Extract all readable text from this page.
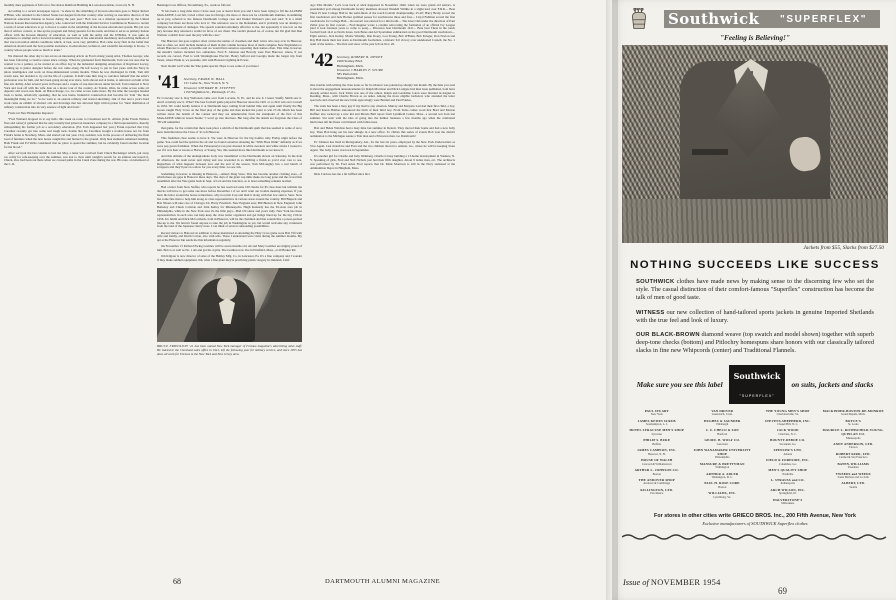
monthly dues payments of $10 on to five shares Rumford Building & Loan Association, Concord, N. H.

According to a recent newspaper report, "A share in the rebuilding of Korean education goes to Major Robert O'Brien, who returned to the United States last August from that country after serving as executive director of the American education mission in Korea during the past year." Bob was on a mission sponsored by the United Nations Korean Reconstruction Agency, who contracted with the Unitarian Service Committee in Boston to recruit a team of seven educators to go to Korea to assist in the rebuilding of the Korean educational system. His job was that of advisor contact, to line up the program and living quarters for the team, and then to serve as primary liaison officer with the Korean ministry of education, as well as with the Army and the UNKRA. It was quite an experience to attempt such a forward-looking reconstruction of the educational machinery and teaching methods of that war-torn nation amidst conditions which, at best, were very primitive. Bob came away firm in the belief that American should send the best possible assistance, in educational, technical, and scientific knowledge to Korea, "a country whose people want so much to learn."

We chanced the other day to run across an interesting article on Foru's rising young artist, Thomas George, who has been following a creative career since college. When he graduated from Dartmouth, Tom was not sure that he wanted to be a painter, so he started as an office boy in the industrial designing enterprises of Raymond Loewy, working up to junior designer before the war came along. He left Loewy to put in four years with the Navy in photo intelligence and work on three-dimensional terrain models. When he was discharged in 1946, Tom still wasn't sure, but decided to try out the life of a painter. It didn't take him long to convince himself that the artist's profession was for him, and he's been going strong ever since, both abroad and at home, to universal acclaim of his fine arts ability. After several years in Europe and a couple of one-man shows under his belt, Tom returned to New York and took off with his wife Jean on a motor tour of the country. At Toledo, Ohio, he came across some oil deposits and wood-cuts them. At Baton Rouge, La., he came across some more. By the time the Georges headed back to home, artistically speaking, that he was home. Industrial construction had become for Tom "the most meaningful thing we do." So he went to an eastern refinery and started sketching. Out of that and a year's hard work came an exhibit of abstract oils and drawings that has attracted high critical praise for "their distillation of refinery construction into its very essence of light and form."

From our New Hampshire Reporter:

"Fred Wieland dropped in to say hello this week en route to Claremont and St. Albans (John Fonda Wallace fires and center) I gathered that he only recently had joined an insurance company in a field representative, thereby relinquishing his former job as a secondary education. (Ed. Tom happened last year.) Frank reported that Clay Caraduer recently got into some real tough luck. Seems that the Carolinas bought a trouble house not far from Frank's home at Newbury, Mass. and started out last year. Clay, resident, was in the process of delivering the final load of furniture when the new house caught fire and burned to the ground. Only heat elements remained standing. Both Frank and Ed Wells considered that no place to spend the summer, but he evidently found another location for his brood."

After we'd put the last column to bed last May, a letter was received from Chuck Bernsinger which, put away too softly for safe-keeping over the summer, was lost to view until tonight's search for an address uncovered it. Chuck, alas, had been out there when we crossed paths in the Canal Zone during the war. His note, on letterhead of the C. R.

Bensinger Law Offices, Stroudsburg, Pa., reads as follows:

"It has been a long time since I have seen you or heard from you and I have been trying to fill the ALUMNI MAGAZINE. Last fall, I tried a libel case in Chicago, the more or more not be a Dartmouth alumnus, in summing up in jury, referred to the famous Dartmouth College case and Daniel Webster's plea and said: 'It is a small company but there are those who love it.' The reference was to the Defendant, and it probably was an attempt to mitigate the amount of damages. The speech sounded extremely effective to me, but apparently it was lost on the jury because they returned a verdict in favor of our client. The verdict pleased us, of course, but I'm glad that Dan Webster couldn't have seen the jury with the case."

The Hanover fan goes register often carries the names of classmen and their wives who stop over in Hanover. Just as often, we don't include mention of them in this column because most of them comprise New Englanders to whom Hanover is easily accessible and we would find ourselves repeating their names often. This time, however, the month's visitors included two outlanders. Fred E. Johnson and Beverly were East Hanover, where, if our records are correct, Fred is with Westinghouse Electric. Henry Safford and Georgia made the longer trip from Texas, where Hank is, we presume, still with Houston Lighting & Power.

Next month we'll write the Yale game special. Hope to see some of you there!

'41 Secretary, FRANK W. HALL
151 Cedar St., New York 6, N. Y.
Treasurer, STEWART H. STUFFEY
1150 Wightman St., Pittsburgh 17, Pa.

Ex Crowsley saw it. Ray Welbourn came over from Laconia, N. H., and he saw it. I knew Snuffy Smith saw it. And I certainly saw it. What? The best football game played in Hanover since the 1921 or so 29-0 win over Cornell in 1934. We could hardly believe it at Dartmouth kept coming from behind time and again until finally the Big Green caught Holy Cross on the final play of the game and then kicked the point to win 27-26. Much has been written about the details of the contest and they are unbelievable from the standpoint of the first of this MAGAZINE while in Green Teams." I won't go into that here. But long after the details are forgotten the Class of '38 will remember

that game, for the certain that there took place a rebirth of the Dartmouth spirit that has seemed to some of us to have dwindled since the Class of '41 left Hanover.

This freshman class seems to have it. We were in Hanover for the big bonfire rally Friday night before the game. You could feel the spirit in the air and we found ourselves shouting the "With Hose Wahn" defiantly as if we were pep green freshmen. When the Palaeopteryx ran past dressed in white sweaters and white slacks I looked to see if it was Ken or Green or Harvey or Young. Yes, this seemed more like Dartmouth as we know it.

And this attitude of the undergraduate body was transmitted to the Dartmouth eleven on Saturday. In the hole all afternoon, the team never quit trying and was rewarded in so thrilling a finish as you'd ever care to see. Regardless of what happens between now and the end of the season, Tom McLaughry has a real bunch of scrappers and they'll put on a show for you every time. Go see 'em.

Something, however, is missing in Hanover,—Allen's Drug Store. This has become another clothing store—if which there are gaps in Hanover these days. The days of the giant cup milk shake are long gone and the crowd that assembled after the Yale game back in Sept. of Leb and the Junction, so at least something remains normal.

Had a letter from Stew Steffes, who reports he has resolved some 100 checks for $5 class dues but reminds me that he will have to get some one more before December 1 if we don't want our trouble meeting expenses. If you have his letter around the house somewhere, why not pick it up and mail it along with that low sum to Stew. Stew has some fine men to help him along as class representatives in various areas around the country. Bill Bispeck and Bob Niners will take care of Chicago; Dr. Harry Friedrich. New England area; Bill Buxton in New England; John Berkeley and Chuck Carlston and John Kelley for Minneapolis. Hugh Kennedy has the Tri-state area job in Philadelphia, while in the New York area it's the little guys—Bud O'Connor and yours truly. New York has these representatives in each area can help keep the class better organized and get things lined up for the big 15th in 1956. Ive Smith and Dick McCormack, both in Hanover, will be the chairmen and that sounds like a power-packed line-up to me. We haven't found anyone to take the job in Washington as yet, but would welcome any volunteers from the land of the Japanese cherry trees. I can think of several outstanding possibilities.

Recent visitors to Hanover in addition to those mentioned as attending the Holy Cross game were Bob Tift with wife and family, and Dutch Cotton, also with wife. These I understand were visits during the summer months. My apt at the Hanover Inn sends me this information regularly.

On November 15 Richard Ewing Gombes will be seven months old. Ab and Mary Gombes are mighty proud of him. Bob is as well as No. 1 Ab and got his 4 girls. The Gombes now live in Pittsfield, Mass., at 20 Barker Rd.

Jim Kilgour is now director of sales of the Hubley Mfg. Co. in Lancaster, Pa. It's a fine company and I wonder if they make subhuli equipment, tbh, what a fine plant they're practicing plastic surgery in Oakland, Calif.

BRUCE FRIEDLICH '41 has been named New York manager of Fortune magazine's advertising sales staff. He started in the Cleveland sales office in 1941, left the following year for military service, and since 1955 has done all work for Fortune in the New York and New Jersey area.

Ago This Month." Let's look back at what happened in November 1940, when we were grand old seniors. A presidential poll among Dartmouth faculty members showed Wendell Willkie in a slight lead over F.D.R.... Beta Theta Pi beat College Hall in the semi-finals of the touch football championship, 25-20; Harry Brady scored the first touchdown and Jack Horner grabbed passes for touchdowns three and four.... Lloyd Fultman scored the first touchdowns for College Hall.... Roosevelt was elected for a third term.... The Glee Club under the direction of Paul Zeller gave its first concert.... Fred Regnier wrote a column advocating the formation of an official Ivy League (and it took fourteen years to come to pass).... Princeton beat Dartmouth 19-0.... Beta beat Theta in the touch football bash 14-6 as Norm Jones, Jack Bates and Art Sportsmen exhilarated on the good Dartmouth touchdown.... Eight seniors, Jack Keiley, Monte Winship, Dan Doery, Lou Young, Bob O'Brien, Bob Krieger, Don Norton and Ray Hall made their last starts as Dartmouth footballers, a historic 9-0 victory over undefeated Cornell, the No. 1 team of the nation.... The first real snow of the year fell on Nov. 26.

'42 Secretary, ROBERT B. DEWEY
1969 Stanley Blvd.
Birmingham, Mich.
Treasurer, CHARLES F. STURE
585 Puritan Rd.
Birmingham, Mich.

One trouble with writing the class notes so far in advance was pointed up sharply last month. By the time you read it about the engagement announcements for Ralph Morrison and Dick Ludgate had then been published, both have already settled down. Jack Tobin was one of the others. Ralph and Geraldine Caren were married in August in Reading, Mass., with Charlie Brown as an usher. Among the more eligible bachelors who attended the latter spectacle and observed the new bride approvingly were Bartlett and Paul Fairies.

The stork has been a busy guy if my mail is any criterion. Murray and Marjorie Latt had their first child, a boy. Bill and Karen Holmes announced the birth of their third boy. From Tulsa comes word that Brad and Marion Ruffner also racked up a new kid and Mersia Bull report from Lynnfield Center, Mass., a second son born last summer. Sid went with the idea of going into the lumber business a few months ago when the celebrated hurricanes left his finest card littered with fallen trees.

Bob and Helen Waldron had a busy time last summer in Detroit. They moved their home and had a new baby boy. Then Bob hung out his new shingle in a new office. To climax this series of events Bob won the district nomination to the Michigan senate a Yale man and a Princeton man. Go Dartmouth!

Ev Johnson has lived in Montgomery, Ala., for the last six years, employed by the New York Underwriters as Vice Agent. Last month he and Fran and the two children moved to Atlanta, Ga., where he will be keeping Stout Agent. The baby Laura was born in September.

It's another girl for Charlie and Judy Weinberg. Charlie is busy building a 13-home development in Yonkers, N. Y. Speaking of girls, Fred and Nell Nichols just had their fifth daughter. About 9 ladies man, etc. The architects was performed by Dr. Fred Arten Fred reports that Dr. Mark Morrison is still in the Navy stationed at the Ammunition Depot in Hingham, Mass.

Dick Cardoso has me a bit baffled since his l

68	DARTMOUTH ALUMNI MAGAZINE
Southwick "SUPERFLEX"
"Feeling is Believing!"
Jackets from $55, Slacks from $27.50
NOTHING SUCCEEDS LIKE SUCCESS

SOUTHWICK clothes have made news by making sense to the discerning few who set the style. The casual distinction of their comfort-famous "Superflex" construction has become the talk of men of good taste.

WITNESS our new collection of hand-tailored sports jackets in genuine Imported Shetlands with the true feel and look of luxury.

OUR BLACK-BROWN diamond weave (top swatch and model shown) together with superb deep-tone checks (bottom) and Pitlochry homespuns share honors with our classically tailored slacks in fine new Whipcords (center) and Traditional Flannels.

Make sure you see this label
Southwick
"SUPERFLEX"
on suits, jackets and slacks
PAUL STUART
New York
JAMES KEWIN SCRUB
Southampton, L. I.
HOTEL SYRACUSE MEN'S SHOP
Syracuse
PHILIP S. BUKE
Buffalo
JAMES CAMPION, INC.
Hanover, N. H.
HOUSE OF WALSH
Concord & Williamstown
ARTHUR L. JOHNSON CO.
Boston
THE ANDOVER SHOP
Andover & Cambridge
KILLINGTON, LTD.
Providence
VAN DRIVER
Greenwich, Conn.
HUGHES & SAUNDER
Pittsburgh
C. F. CHECO & SON
Hartford
GEOFF. B. WOLF CO.
Lancaster
JOHN WANAMAKER UNIVERSITY SHOP
Philadelphia
MANSURE & PRETTYMAN
Wilmington
ARTHUR A. ADLER
Washington, D. C.
PAUL H. ROSE CORP.
Boston
WILLIAMS, INC.
Lynchburg, Va.
THE YOUNG MEN'S SHOP
Charlottesville, Va.
STEVENS-SHEPHERD, INC.
Chapel Hill, N. C.
JACK WOOD
Charlotte, N. C.
BOUNTY-DEBOE CO.
Savannah, Ga.
SPENCER'S LTD.
Atlanta
FIELD & FORESIDE, INC.
Columbus, Ga.
MEN'S QUALITY SHOP
Nashville
L. STRAUSS and CO.
Indianapolis
ARCH WILSON, INC.
Springfield, Ill.
HALVERSTONE'S
Milwaukee
MACKINDER-BOSTON-DE-MONROE
Grand Rapids, Mich.
BOYCE'S
St. Louis
MAURICE L. ROTHSCHILD-YOUNG-QUINLAN CO.
Minneapolis
ANDY ANDERSON, LTD.
Tucson
ROBERT KIRK, LTD.
Carmel & San Francisco
BATEN-WILLIAMS
Pasadena
TWEEDS and WEEDS
Santa Barbara and La Jolla
ALBERT, LTD.
Seattle
For stores in other cities write GRIECO BROS. Inc., 200 Fifth Avenue, New York
Exclusive manufacturers of SOUTHWICK Superflex clothes
Issue of NOVEMBER 1954
69
